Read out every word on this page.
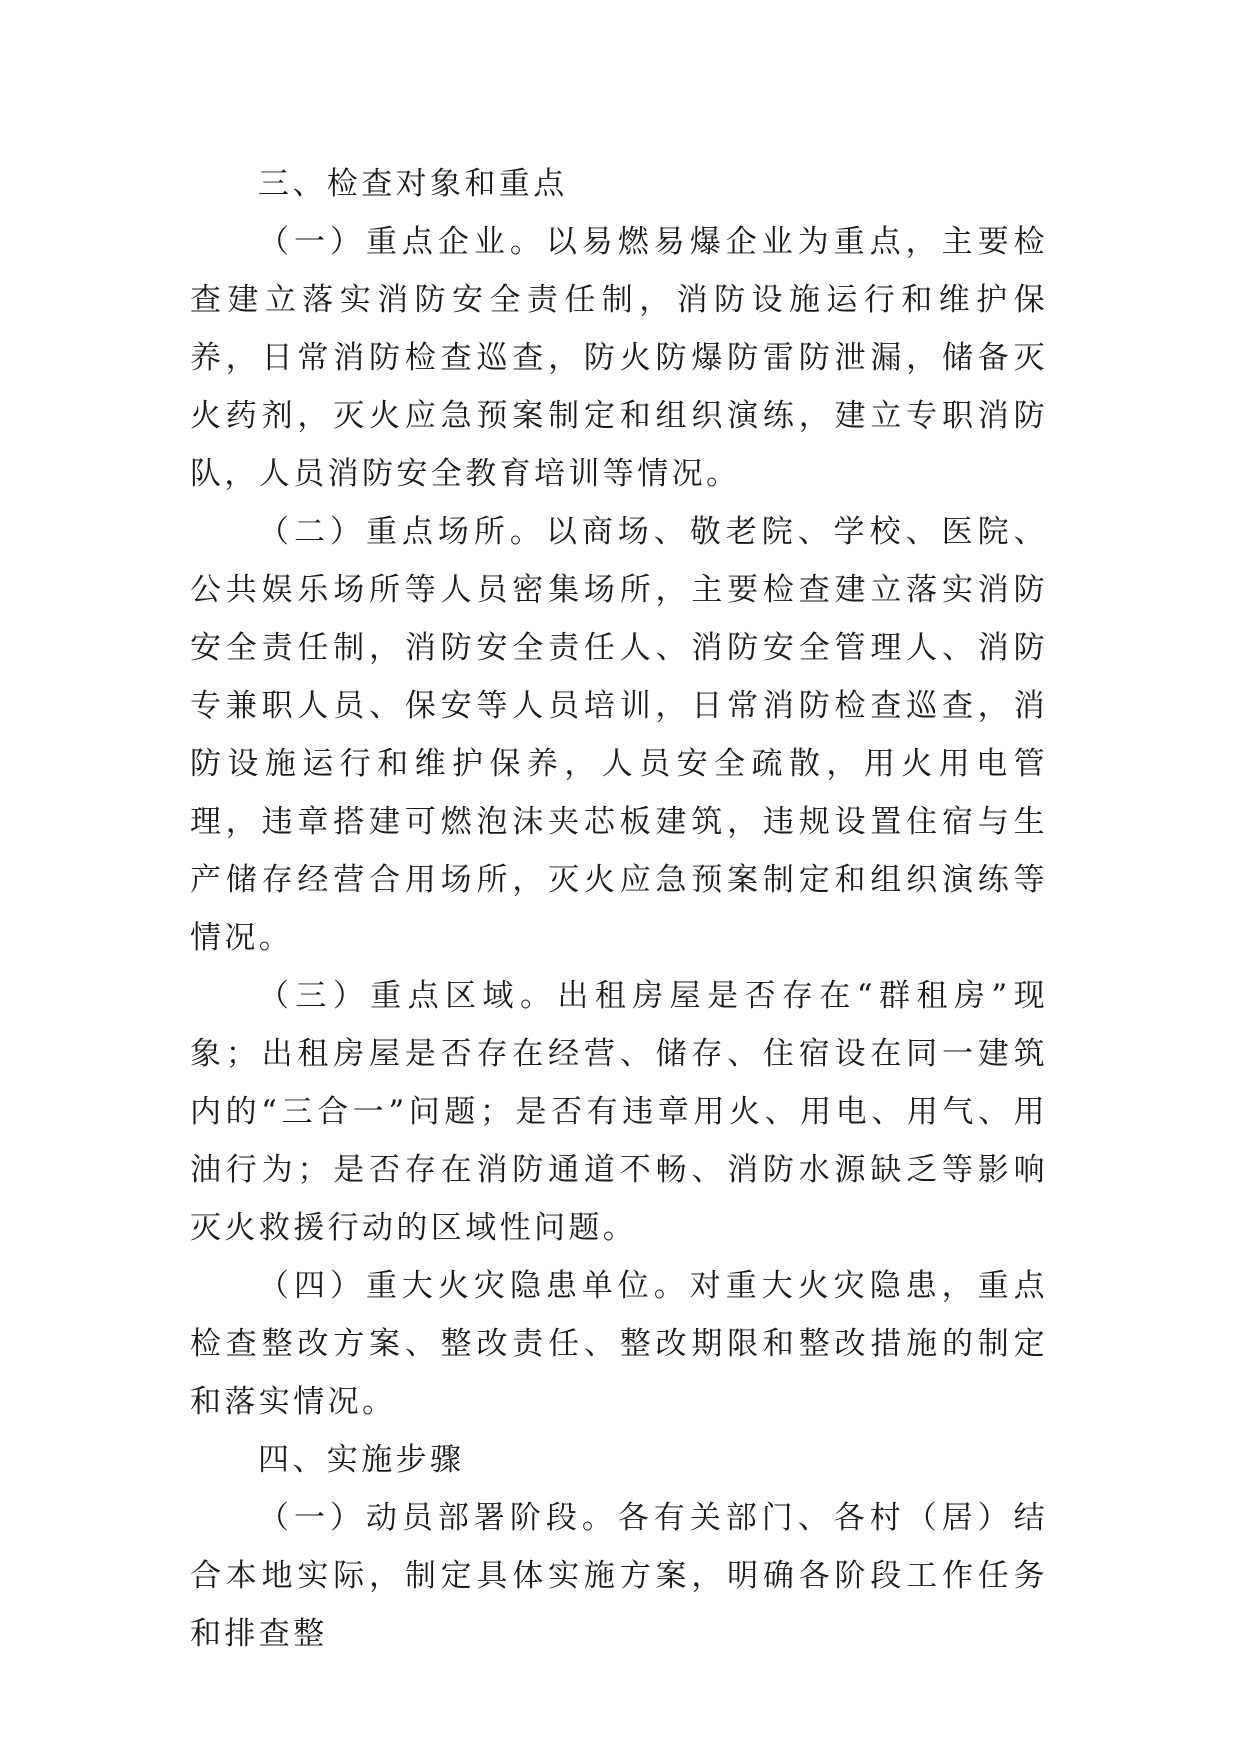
三、检查对象和重点

（一）重点企业。以易燃易爆企业为重点，主要检查建立落实消防安全责任制，消防设施运行和维护保养，日常消防检查巡查，防火防爆防雷防泄漏，储备灭火药剂，灭火应急预案制定和组织演练，建立专职消防队，人员消防安全教育培训等情况。

（二）重点场所。以商场、敬老院、学校、医院、公共娱乐场所等人员密集场所，主要检查建立落实消防安全责任制，消防安全责任人、消防安全管理人、消防专兼职人员、保安等人员培训，日常消防检查巡查，消防设施运行和维护保养，人员安全疏散，用火用电管理，违章搭建可燃泡沫夹芯板建筑，违规设置住宿与生产储存经营合用场所，灭火应急预案制定和组织演练等情况。

（三）重点区域。出租房屋是否存在“群租房”现象；出租房屋是否存在经营、储存、住宿设在同一建筑内的“三合一”问题；是否有违章用火、用电、用气、用油行为；是否存在消防通道不畅、消防水源缺乏等影响灭火救援行动的区域性问题。

（四）重大火灾隐患单位。对重大火灾隐患，重点检查整改方案、整改责任、整改期限和整改措施的制定和落实情况。

四、实施步骤

（一）动员部署阶段。各有关部门、各村（居）结合本地实际，制定具体实施方案，明确各阶段工作任务和排查整
